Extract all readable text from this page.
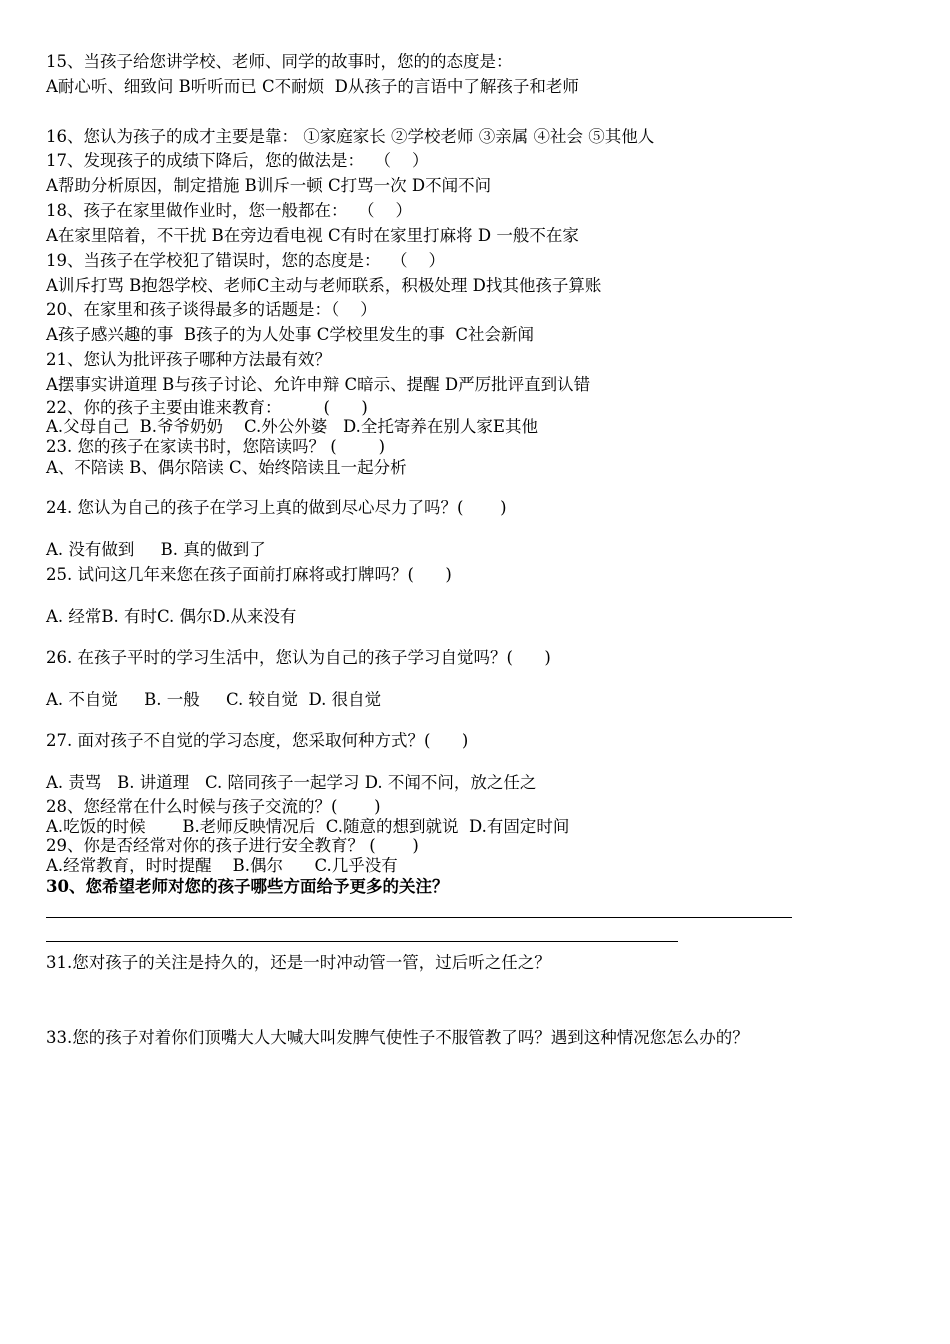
15、当孩子给您讲学校、老师、同学的故事时，您的的态度是：
A耐心听、细致问 B听听而已 C不耐烦  D从孩子的言语中了解孩子和老师
16、您认为孩子的成才主要是靠： ①家庭家长 ②学校老师 ③亲属 ④社会 ⑤其他人
17、发现孩子的成绩下降后，您的做法是：  （    ）
A帮助分析原因，制定措施 B训斥一顿 C打骂一次 D不闻不问
18、孩子在家里做作业时，您一般都在：  （    ）
A在家里陪着，不干扰 B在旁边看电视 C有时在家里打麻将 D 一般不在家
19、当孩子在学校犯了错误时，您的态度是：  （    ）
A训斥打骂 B抱怨学校、老师C主动与老师联系，积极处理 D找其他孩子算账
20、在家里和孩子谈得最多的话题是：（    ）
A孩子感兴趣的事  B孩子的为人处事 C学校里发生的事  C社会新闻
21、您认为批评孩子哪种方法最有效？
A摆事实讲道理 B与孩子讨论、允许申辩 C暗示、提醒 D严厉批评直到认错
22、你的孩子主要由谁来教育：        (      )
A.父母自己  B.爷爷奶奶    C.外公外婆   D.全托寄养在别人家E其他
23. 您的孩子在家读书时，您陪读吗？ (        )
A、不陪读 B、偶尔陪读 C、始终陪读且一起分析
24. 您认为自己的孩子在学习上真的做到尽心尽力了吗？(       )
A. 没有做到     B. 真的做到了
25. 试问这几年来您在孩子面前打麻将或打牌吗？(      )
A. 经常B. 有时C. 偶尔D.从来没有
26. 在孩子平时的学习生活中，您认为自己的孩子学习自觉吗？(      )
A. 不自觉     B. 一般     C. 较自觉  D. 很自觉
27. 面对孩子不自觉的学习态度，您采取何种方式？(      )
A. 责骂   B. 讲道理   C. 陪同孩子一起学习 D. 不闻不问，放之任之
28、您经常在什么时候与孩子交流的？(       )
A.吃饭的时候       B.老师反映情况后  C.随意的想到就说  D.有固定时间
29、你是否经常对你的孩子进行安全教育？ (       )
A.经常教育，时时提醒    B.偶尔      C.几乎没有
30、您希望老师对您的孩子哪些方面给予更多的关注？
31.您对孩子的关注是持久的，还是一时冲动管一管，过后听之任之？
33.您的孩子对着你们顶嘴大人大喊大叫发脾气使性子不服管教了吗？遇到这种情况您怎么办的？
